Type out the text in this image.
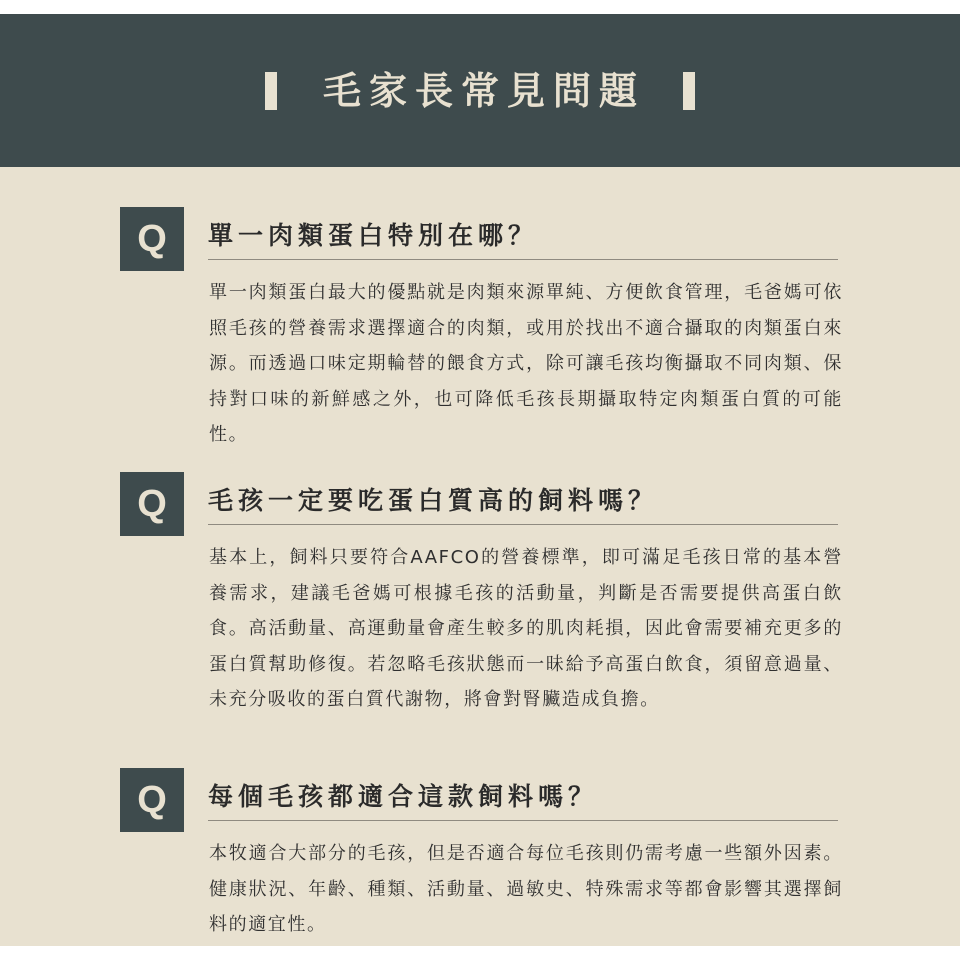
毛家長常見問題
Q	單一肉類蛋白特別在哪？
單一肉類蛋白最大的優點就是肉類來源單純、方便飲食管理，毛爸媽可依照毛孩的營養需求選擇適合的肉類，或用於找出不適合攝取的肉類蛋白來源。而透過口味定期輪替的餵食方式，除可讓毛孩均衡攝取不同肉類、保持對口味的新鮮感之外，也可降低毛孩長期攝取特定肉類蛋白質的可能性。
Q	毛孩一定要吃蛋白質高的飼料嗎？
基本上，飼料只要符合AAFCO的營養標準，即可滿足毛孩日常的基本營養需求，建議毛爸媽可根據毛孩的活動量，判斷是否需要提供高蛋白飲食。高活動量、高運動量會產生較多的肌肉耗損，因此會需要補充更多的蛋白質幫助修復。若忽略毛孩狀態而一昧給予高蛋白飲食，須留意過量、未充分吸收的蛋白質代謝物，將會對腎臟造成負擔。
Q	每個毛孩都適合這款飼料嗎？
本牧適合大部分的毛孩，但是否適合每位毛孩則仍需考慮一些額外因素。健康狀況、年齡、種類、活動量、過敏史、特殊需求等都會影響其選擇飼料的適宜性。
